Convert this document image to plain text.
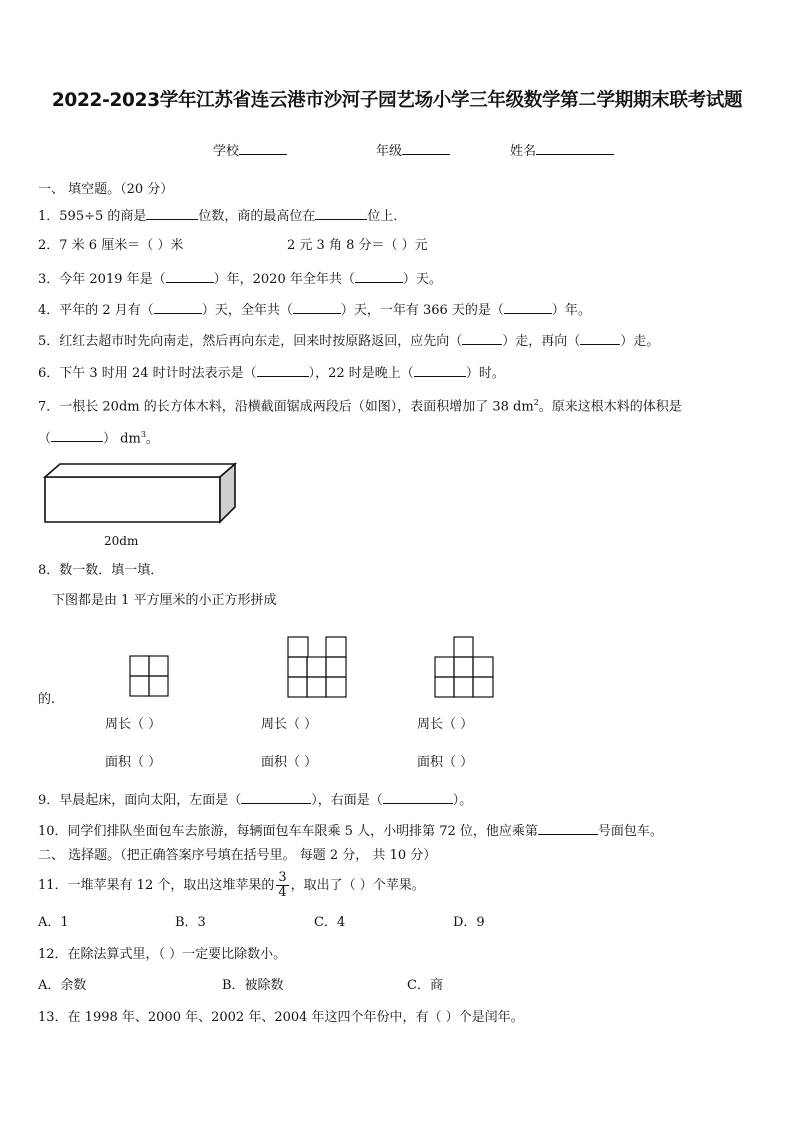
2022-2023学年江苏省连云港市沙河子园艺场小学三年级数学第二学期期末联考试题
学校	年级	姓名
一、 填空题。（20 分）
1．595÷5 的商是	位数，商的最高位在	位上．
2．7 米 6 厘米＝（ ）米	2 元 3 角 8 分＝（ ）元
3．今年 2019 年是（	）年，2020 年全年共（	）天。
4．平年的 2 月有（	）天，全年共（	）天，一年有 366 天的是（	）年。
5．红红去超市时先向南走，然后再向东走，回来时按原路返回，应先向（	）走，再向（	）走。
6．下午 3 时用 24 时计时法表示是（	），22 时是晚上（	）时。
7．一根长 20dm 的长方体木料，沿横截面锯成两段后（如图），表面积增加了 38 $dm^2$。原来这根木料的体积是
（	） $dm^3$。
20dm
8．数一数．填一填．
下图都是由 1 平方厘米的小正方形拼成
的.
周长（ ）	周长（ ）	周长（ ）
面积（ ）	面积（ ）	面积（ ）
9．早晨起床，面向太阳，左面是（	），右面是（	）。
10．同学们排队坐面包车去旅游，每辆面包车车限乘 5 人，小明排第 72 位，他应乘第	号面包车。
二、 选择题。（把正确答案序号填在括号里。 每题 2 分， 共 10 分）
11．一堆苹果有 12 个，取出这堆苹果的 $\frac{3}{4}$ ，取出了（ ）个苹果。
A．1	B．3	C．4	D．9
12．在除法算式里，（ ）一定要比除数小。
A．余数	B．被除数	C．商
13．在 1998 年、2000 年、2002 年、2004 年这四个年份中，有（ ）个是闰年。
